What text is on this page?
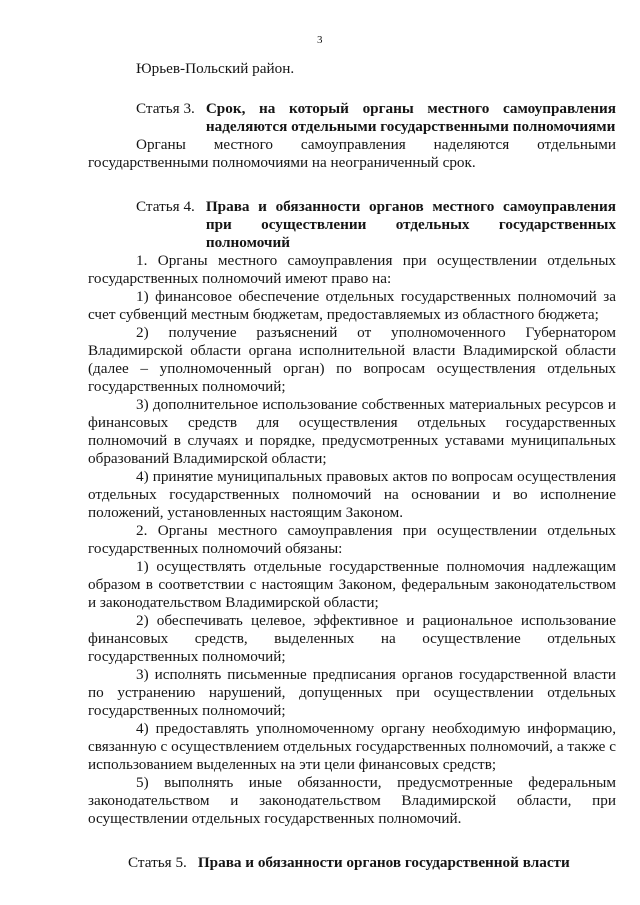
3

Юрьев-Польский район.

Статья 3. Срок, на который органы местного самоуправления наделяются отдельными государственными полномочиями

Органы местного самоуправления наделяются отдельными государственными полномочиями на неограниченный срок.

Статья 4. Права и обязанности органов местного самоуправления при осуществлении отдельных государственных полномочий

1. Органы местного самоуправления при осуществлении отдельных государственных полномочий имеют право на:

1) финансовое обеспечение отдельных государственных полномочий за счет субвенций местным бюджетам, предоставляемых из областного бюджета;

2) получение разъяснений от уполномоченного Губернатором Владимирской области органа исполнительной власти Владимирской области (далее – уполномоченный орган) по вопросам осуществления отдельных государственных полномочий;

3) дополнительное использование собственных материальных ресурсов и финансовых средств для осуществления отдельных государственных полномочий в случаях и порядке, предусмотренных уставами муниципальных образований Владимирской области;

4) принятие муниципальных правовых актов по вопросам осуществления отдельных государственных полномочий на основании и во исполнение положений, установленных настоящим Законом.

2. Органы местного самоуправления при осуществлении отдельных государственных полномочий обязаны:

1) осуществлять отдельные государственные полномочия надлежащим образом в соответствии с настоящим Законом, федеральным законодательством и законодательством Владимирской области;

2) обеспечивать целевое, эффективное и рациональное использование финансовых средств, выделенных на осуществление отдельных государственных полномочий;

3) исполнять письменные предписания органов государственной власти по устранению нарушений, допущенных при осуществлении отдельных государственных полномочий;

4) предоставлять уполномоченному органу необходимую информацию, связанную с осуществлением отдельных государственных полномочий, а также с использованием выделенных на эти цели финансовых средств;

5) выполнять иные обязанности, предусмотренные федеральным законодательством и законодательством Владимирской области, при осуществлении отдельных государственных полномочий.

Статья 5. Права и обязанности органов государственной власти
